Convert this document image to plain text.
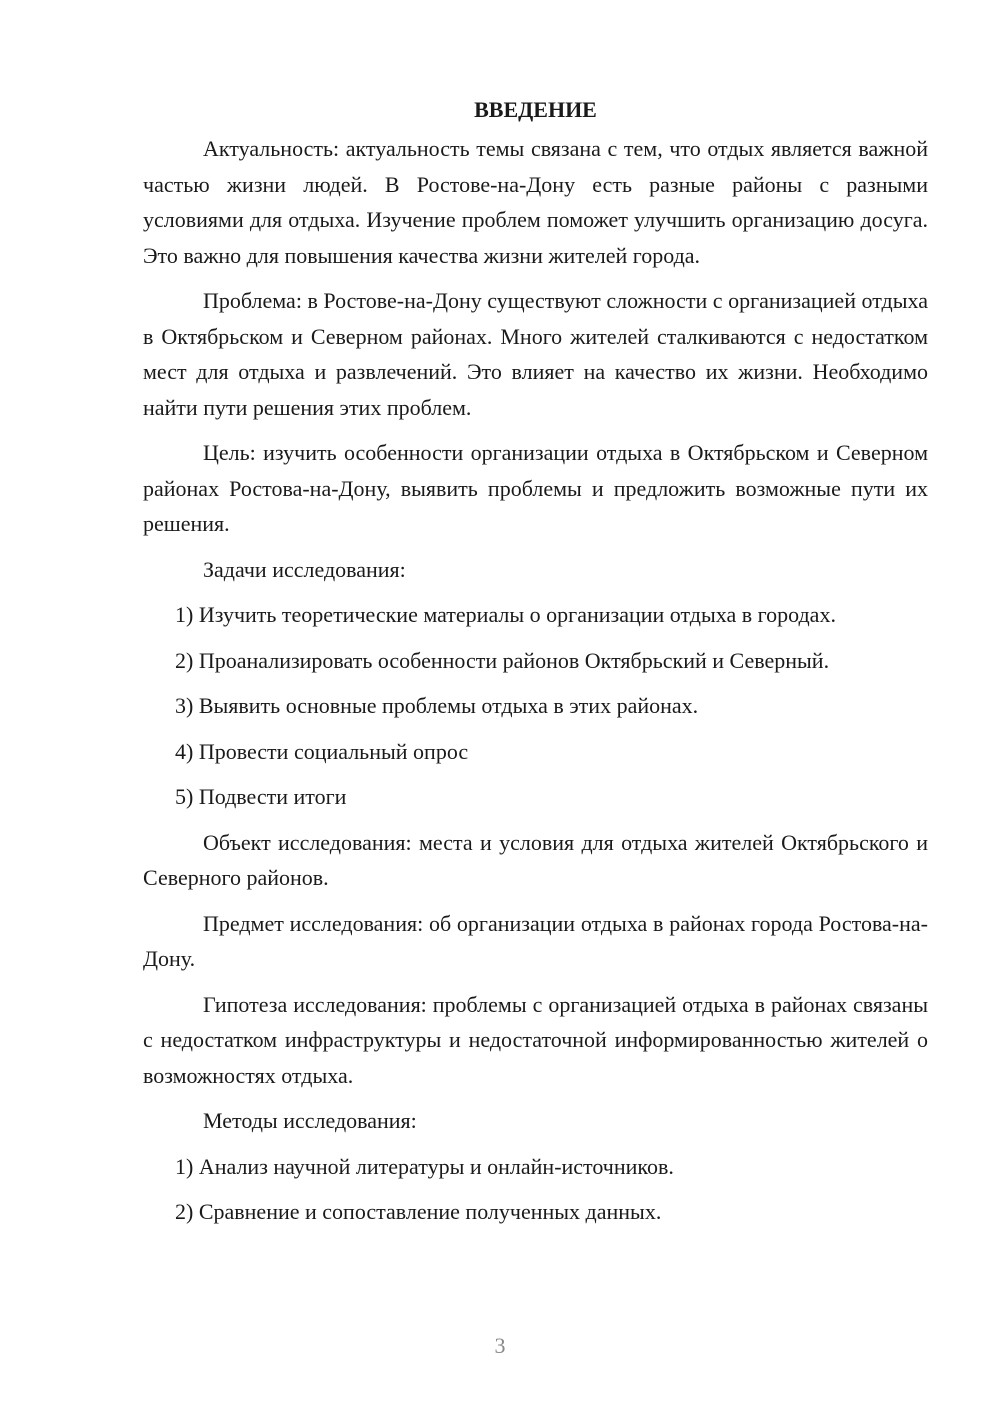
ВВЕДЕНИЕ

Актуальность: актуальность темы связана с тем, что отдых является важной частью жизни людей. В Ростове-на-Дону есть разные районы с разными условиями для отдыха. Изучение проблем поможет улучшить организацию досуга. Это важно для повышения качества жизни жителей города.

Проблема: в Ростове-на-Дону существуют сложности с организацией отдыха в Октябрьском и Северном районах. Много жителей сталкиваются с недостатком мест для отдыха и развлечений. Это влияет на качество их жизни. Необходимо найти пути решения этих проблем.

Цель: изучить особенности организации отдыха в Октябрьском и Северном районах Ростова-на-Дону, выявить проблемы и предложить возможные пути их решения.

Задачи исследования:

1) Изучить теоретические материалы о организации отдыха в городах.
2) Проанализировать особенности районов Октябрьский и Северный.
3) Выявить основные проблемы отдыха в этих районах.
4) Провести социальный опрос
5) Подвести итоги

Объект исследования: места и условия для отдыха жителей Октябрьского и Северного районов.

Предмет исследования: об организации отдыха в районах города Ростова-на-Дону.

Гипотеза исследования: проблемы с организацией отдыха в районах связаны с недостатком инфраструктуры и недостаточной информированностью жителей о возможностях отдыха.

Методы исследования:

1) Анализ научной литературы и онлайн-источников.
2) Сравнение и сопоставление полученных данных.
3
